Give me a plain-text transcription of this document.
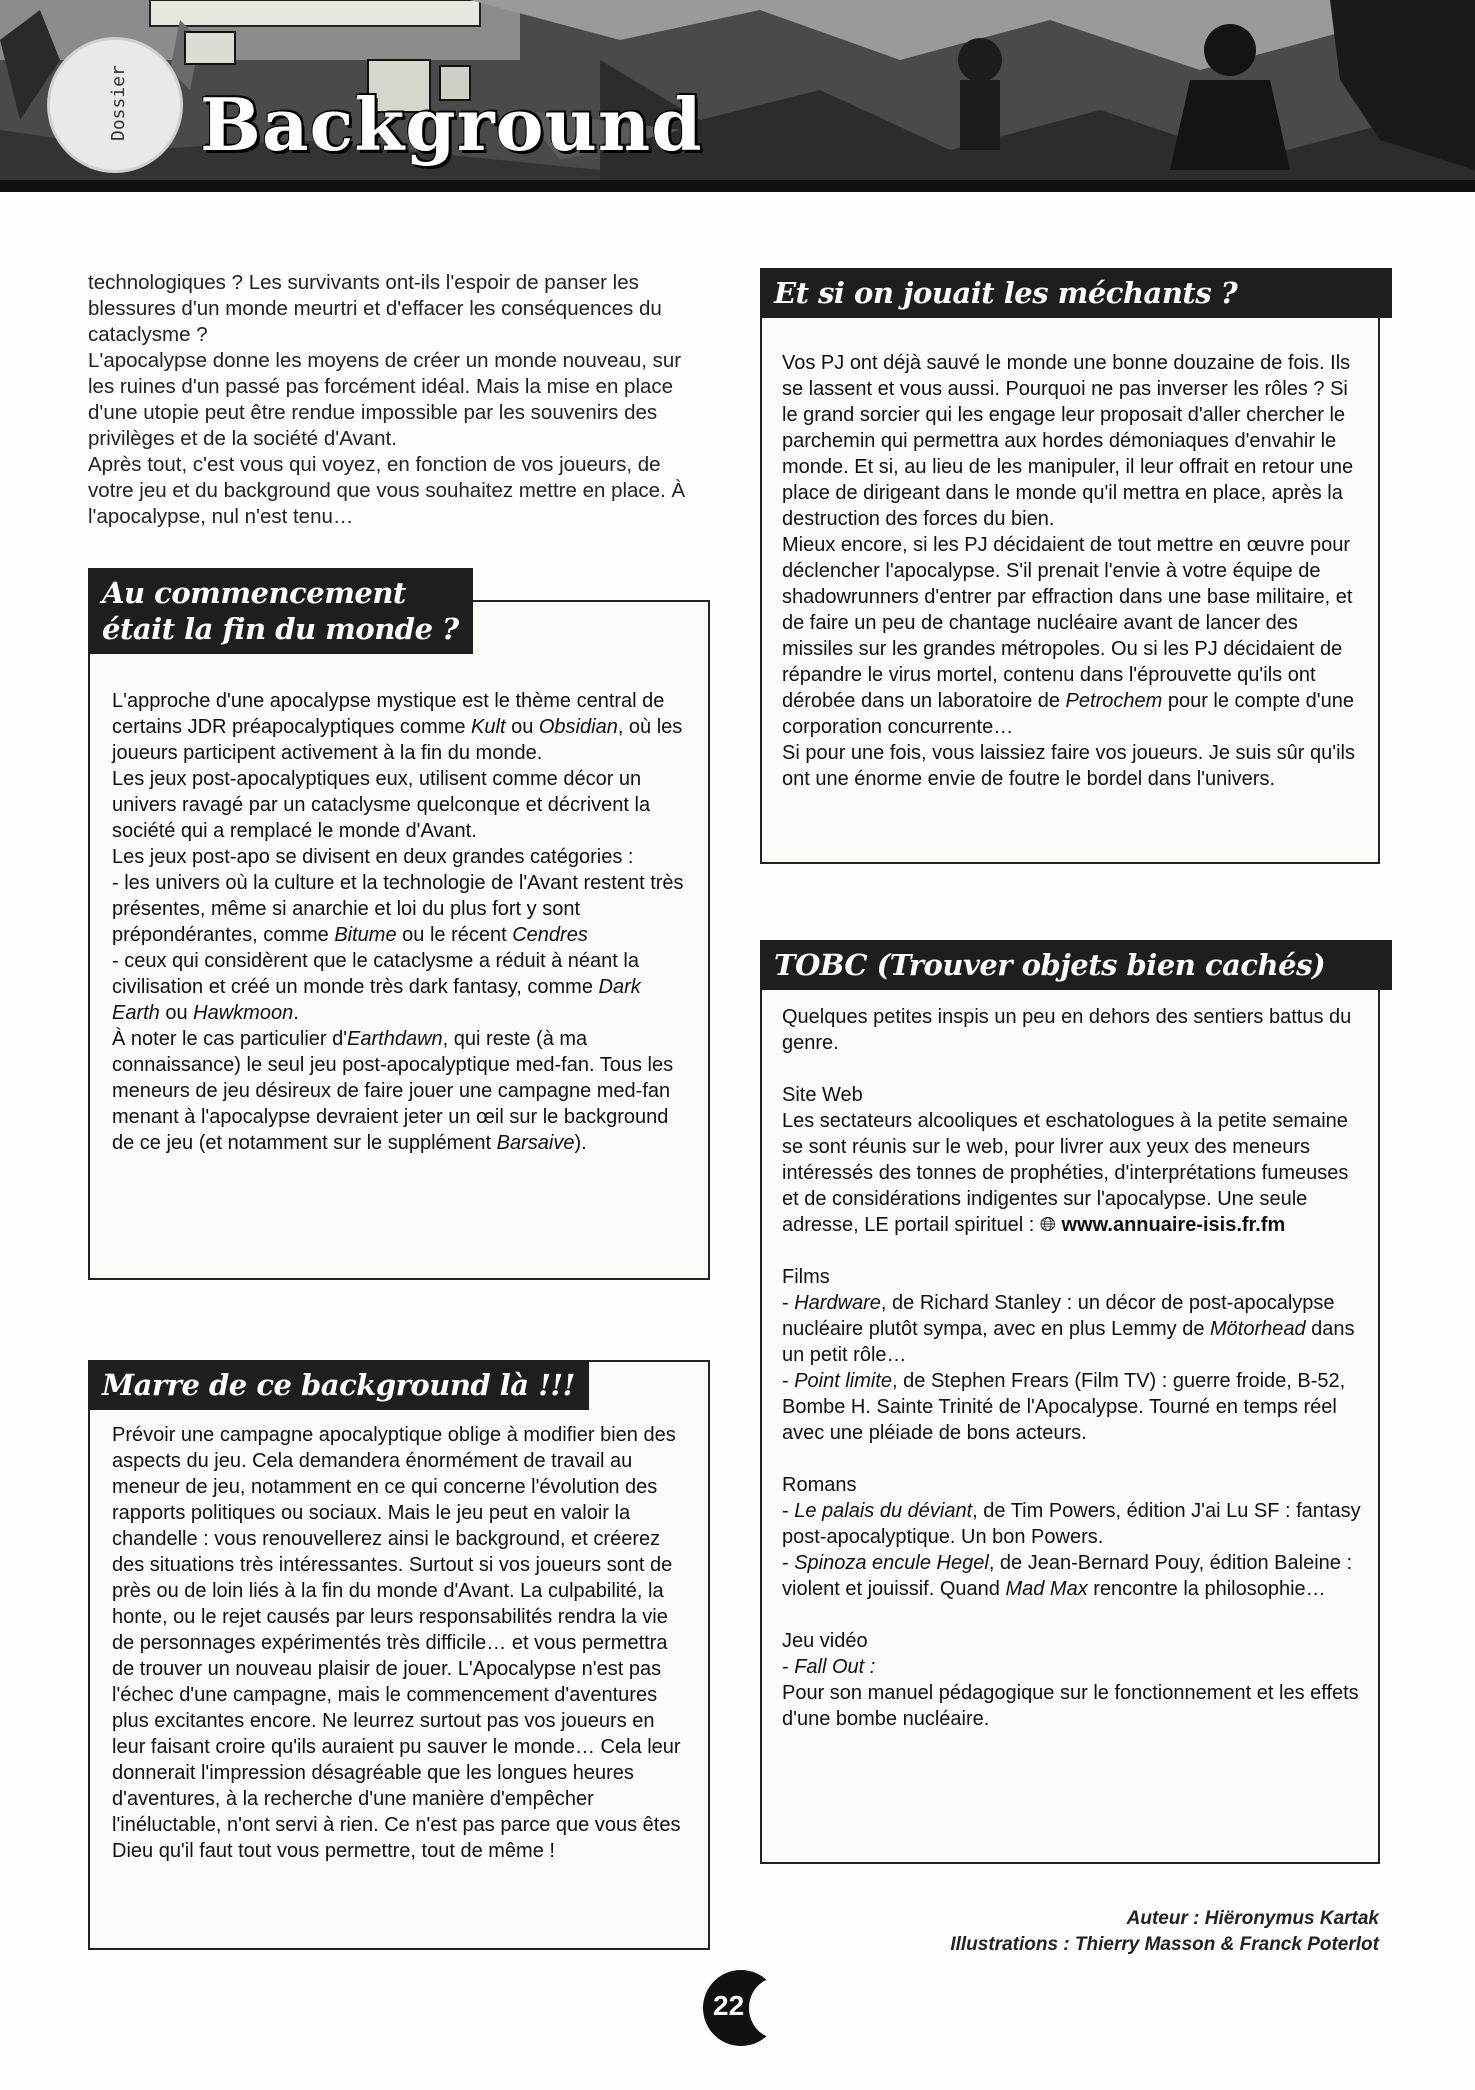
Dossier Background

technologiques ? Les survivants ont-ils l'espoir de panser les blessures d'un monde meurtri et d'effacer les conséquences du cataclysme ?

L'apocalypse donne les moyens de créer un monde nouveau, sur les ruines d'un passé pas forcément idéal. Mais la mise en place d'une utopie peut être rendue impossible par les souvenirs des privilèges et de la société d'Avant.

Après tout, c'est vous qui voyez, en fonction de vos joueurs, de votre jeu et du background que vous souhaitez mettre en place. À l'apocalypse, nul n'est tenu…

Au commencement
était la fin du monde ?

L'approche d'une apocalypse mystique est le thème central de certains JDR préapocalyptiques comme Kult ou Obsidian, où les joueurs participent activement à la fin du monde.

Les jeux post-apocalyptiques eux, utilisent comme décor un univers ravagé par un cataclysme quelconque et décrivent la société qui a remplacé le monde d'Avant.

Les jeux post-apo se divisent en deux grandes catégories :

- les univers où la culture et la technologie de l'Avant restent très présentes, même si anarchie et loi du plus fort y sont prépondérantes, comme Bitume ou le récent Cendres

- ceux qui considèrent que le cataclysme a réduit à néant la civilisation et créé un monde très dark fantasy, comme Dark Earth ou Hawkmoon.

À noter le cas particulier d'Earthdawn, qui reste (à ma connaissance) le seul jeu post-apocalyptique med-fan. Tous les meneurs de jeu désireux de faire jouer une campagne med-fan menant à l'apocalypse devraient jeter un œil sur le background de ce jeu (et notamment sur le supplément Barsaive).

Marre de ce background là !!!

Prévoir une campagne apocalyptique oblige à modifier bien des aspects du jeu. Cela demandera énormément de travail au meneur de jeu, notamment en ce qui concerne l'évolution des rapports politiques ou sociaux. Mais le jeu peut en valoir la chandelle : vous renouvellerez ainsi le background, et créerez des situations très intéressantes. Surtout si vos joueurs sont de près ou de loin liés à la fin du monde d'Avant. La culpabilité, la honte, ou le rejet causés par leurs responsabilités rendra la vie de personnages expérimentés très difficile… et vous permettra de trouver un nouveau plaisir de jouer. L'Apocalypse n'est pas l'échec d'une campagne, mais le commencement d'aventures plus excitantes encore. Ne leurrez surtout pas vos joueurs en leur faisant croire qu'ils auraient pu sauver le monde… Cela leur donnerait l'impression désagréable que les longues heures d'aventures, à la recherche d'une manière d'empêcher l'inéluctable, n'ont servi à rien. Ce n'est pas parce que vous êtes Dieu qu'il faut tout vous permettre, tout de même !

Et si on jouait les méchants ?

Vos PJ ont déjà sauvé le monde une bonne douzaine de fois. Ils se lassent et vous aussi. Pourquoi ne pas inverser les rôles ? Si le grand sorcier qui les engage leur proposait d'aller chercher le parchemin qui permettra aux hordes démoniaques d'envahir le monde. Et si, au lieu de les manipuler, il leur offrait en retour une place de dirigeant dans le monde qu'il mettra en place, après la destruction des forces du bien.

Mieux encore, si les PJ décidaient de tout mettre en œuvre pour déclencher l'apocalypse. S'il prenait l'envie à votre équipe de shadowrunners d'entrer par effraction dans une base militaire, et de faire un peu de chantage nucléaire avant de lancer des missiles sur les grandes métropoles. Ou si les PJ décidaient de répandre le virus mortel, contenu dans l'éprouvette qu'ils ont dérobée dans un laboratoire de Petrochem pour le compte d'une corporation concurrente…

Si pour une fois, vous laissiez faire vos joueurs. Je suis sûr qu'ils ont une énorme envie de foutre le bordel dans l'univers.

TOBC (Trouver objets bien cachés)

Quelques petites inspis un peu en dehors des sentiers battus du genre.

Site Web

Les sectateurs alcooliques et eschatologues à la petite semaine se sont réunis sur le web, pour livrer aux yeux des meneurs intéressés des tonnes de prophéties, d'interprétations fumeuses et de considérations indigentes sur l'apocalypse. Une seule adresse, LE portail spirituel : 🌐︎ www.annuaire-isis.fr.fm

Films

- Hardware, de Richard Stanley : un décor de post-apocalypse nucléaire plutôt sympa, avec en plus Lemmy de Mötorhead dans un petit rôle…

- Point limite, de Stephen Frears (Film TV) : guerre froide, B-52, Bombe H. Sainte Trinité de l'Apocalypse. Tourné en temps réel avec une pléiade de bons acteurs.

Romans

- Le palais du déviant, de Tim Powers, édition J'ai Lu SF : fantasy post-apocalyptique. Un bon Powers.

- Spinoza encule Hegel, de Jean-Bernard Pouy, édition Baleine : violent et jouissif. Quand Mad Max rencontre la philosophie…

Jeu vidéo

- Fall Out :

Pour son manuel pédagogique sur le fonctionnement et les effets d'une bombe nucléaire.

Auteur : Hiëronymus Kartak
Illustrations : Thierry Masson & Franck Poterlot
22
